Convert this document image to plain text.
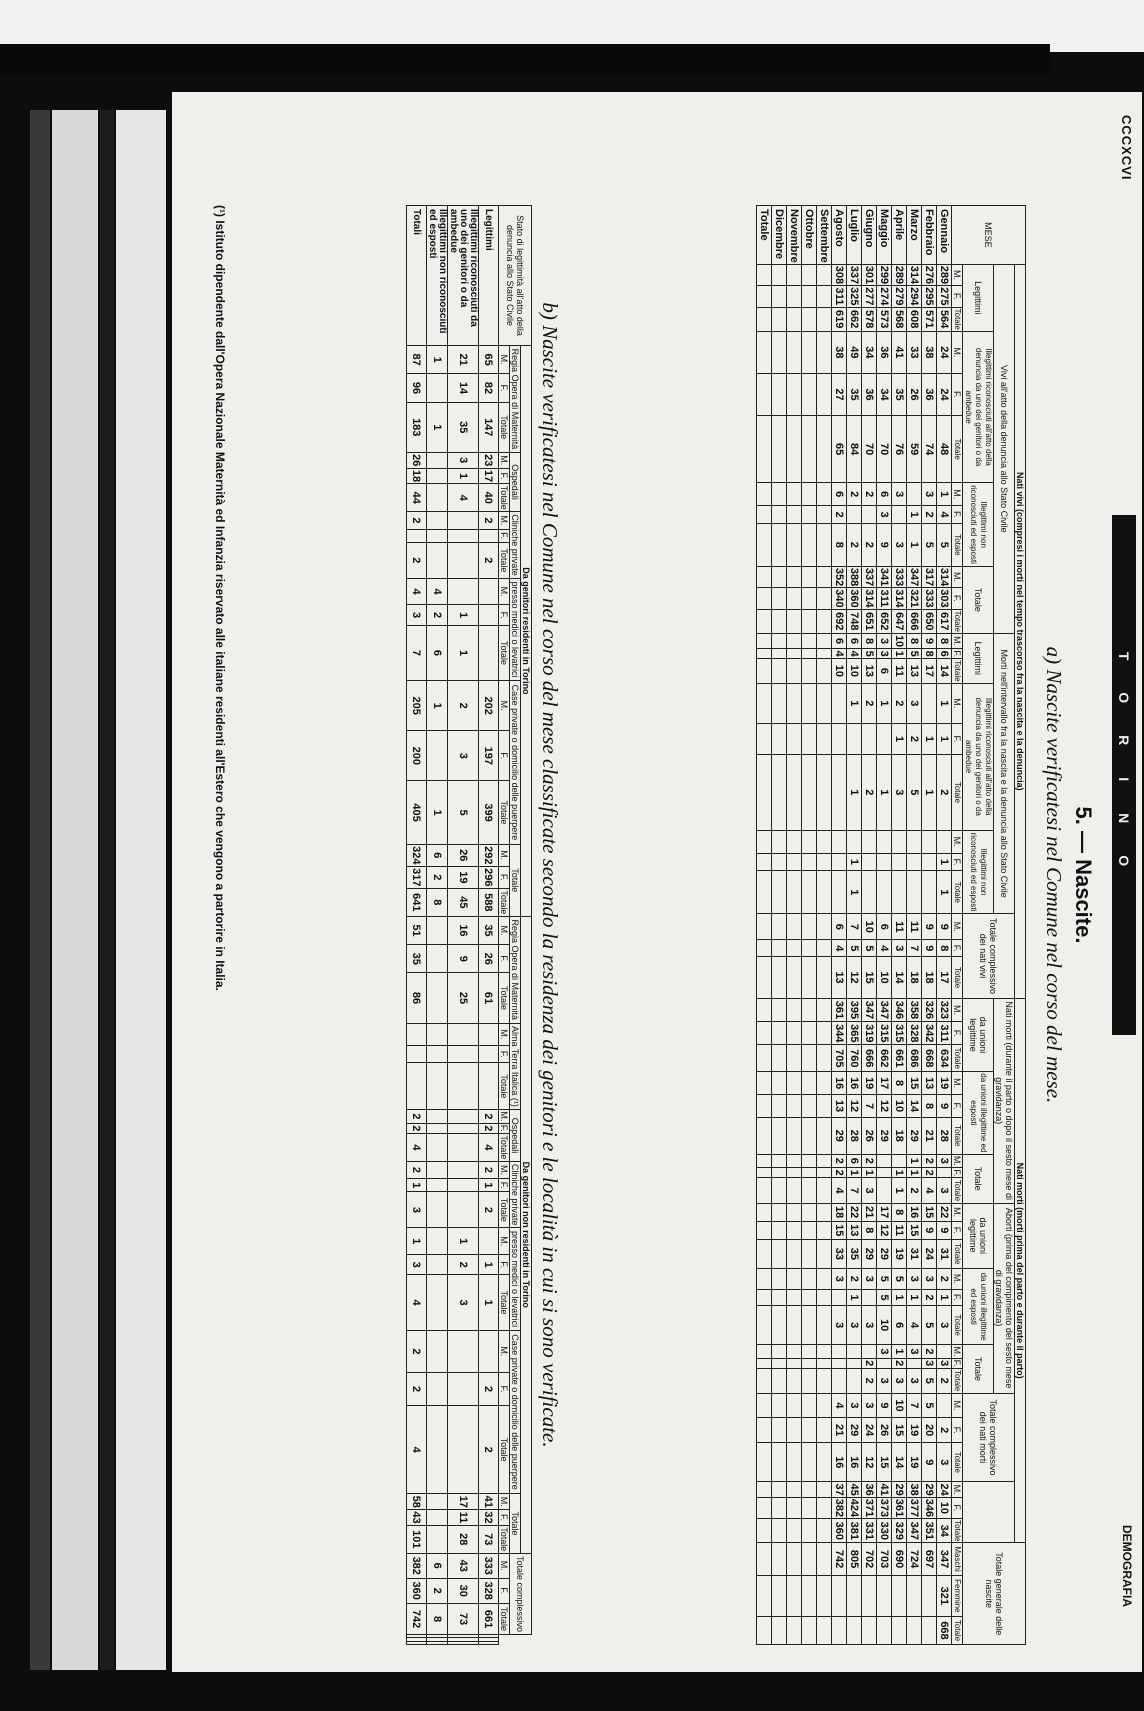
CCCXCVI
TORINO
DEMOGRAFIA
5. — Nascite.
a) Nascite verificatesi nel Comune nel corso del mese.
MESE	Nati vivi (compresi i morti nel tempo trascorso fra la nascita e la denuncia)																								Nati morti (morti prima del parto e durante il parto)																								Totale generale delle nascite		
	Vivi all'atto della denuncia allo Stato Civile												Morti nell'intervallo fra la nascita e la denuncia allo Stato Civile									Totale complessivo dei nati vivi			Nati morti (durante il parto o dopo il sesto mese di gravidanza)									Aborti (prima del compimento del sesto mese di gravidanza)									Totale complessivo dei nati morti								
	Legittimi			Illegittimi riconosciuti all'atto della denuncia da uno dei genitori o da ambedue			Illegittimi non riconosciuti ed esposti			Totale			Legittimi			Illegittimi riconosciuti all'atto della denuncia da uno dei genitori o da ambedue			Illegittimi non riconosciuti ed esposti						da unioni legittime			da unioni illegittime ed esposti			Totale			da unioni legittime			da unioni illegittime ed esposti			Totale											
	M.	F.	Totale	M.	F.	Totale	M.	F.	Totale	M.	F.	Totale	M.	F.	Totale	M.	F.	Totale	M.	F.	Totale	M.	F.	Totale	M.	F.	Totale	M.	F.	Totale	M.	F.	Totale	M.	F.	Totale	M.	F.	Totale	M.	F.	Totale	M.	F.	Totale	M.	F.	Totale	Maschi	Femmine	Totale
Gennaio	289	275	564	24	24	48	1	4	5	314	303	617	8	6	14	1	1	2		1	1	9	8	17	323	311	634	19	9	28	3		3	22	9	31	2	1	3		3	2		2	3	24	10	34	347	321	668
Febbraio	276	295	571	38	36	74	3	2	5	317	333	650	9	8	17		1	1				9	9	18	326	342	668	13	8	21	2	2	4	15	9	24	3	2	5	2	3	5	5	20	9	29	346	351	697		
Marzo	314	294	608	33	26	59		1	1	347	321	666	8	5	13	3	2	5				11	7	18	358	328	686	15	14	29	1	1	2	16	15	31	3	1	4	3		3	7	19	19	38	377	347	724		
Aprile	289	279	568	41	35	76	3		3	333	314	647	10	1	11	2	1	3				11	3	14	346	315	661	8	10	18		1	1	8	11	19	5	1	6	1	2	3	10	15	14	29	361	329	690		
Maggio	299	274	573	36	34	70	6	3	9	341	311	652	3	3	6	1		1				6	4	10	347	315	662	17	12	29				17	12	29	5	5	10	3		3	9	26	15	41	373	330	703		
Giugno	301	277	578	34	36	70	2		2	337	314	651	8	5	13	2		2				10	5	15	347	319	666	19	7	26	2	1	3	21	8	29	3		3		2	2	3	24	12	36	371	331	702		
Luglio	337	325	662	49	35	84	2		2	388	360	748	6	4	10	1		1		1	1	7	5	12	395	365	760	16	12	28	6	1	7	22	13	35	2	1	3				3	29	16	45	424	381	805		
Agosto	308	311	619	38	27	65	6	2	8	352	340	692	6	4	10							6	4	13	361	344	705	16	13	29	2	2	4	18	15	33	3		3				4	21	16	37	382	360	742		
Settembre																																																			
Ottobre																																																			
Novembre																																																			
Dicembre																																																			
Totale																																																			
b) Nascite verificatesi nel Comune nel corso del mese classificate secondo la residenza dei genitori e le località in cui si sono verificate.
Stato di legittimità all'atto della denuncia allo Stato Civile	Da genitori residenti in Torino																		Da genitori non residenti in Torino																					Totale complessivo					
	Regia Opera di Maternità			Ospedali			Cliniche private			presso medici o levatrici			Case private o domicilio delle puerpere			Totale			Regia Opera di Maternità			Alma Terra Italica (¹)			Ospedali			Cliniche private			presso medici o levatrici			Case private o domicilio delle puerpere			Totale								
	M.	F.	Totale	M.	F.	Totale	M.	F.	Totale	M.	F.	Totale	M.	F.	Totale	M.	F.	Totale	M.	F.	Totale	M.	F.	Totale	M.	F.	Totale	M.	F.	Totale	M.	F.	Totale	M.	F.	Totale	M.	F.	Totale	M.	F.	Totale			
Legittimi	65	82	147	23	17	40	2		2				202	197	399	292	296	588	35	26	61				2	2	4	2	1	2		1	1		2	2	41	32	73	333	328	661			
Illegittimi riconosciuti da uno dei genitori o da ambedue	21	14	35	3	1	4					1	1	2	3	5	26	19	45	16	9	25										1	2	3				17	11	28	43	30	73			
Illegittimi non riconosciuti ed esposti	1		1							4	2	6	1		1	6	2	8																						6	2	8			
Totali	87	96	183	26	18	44	2		2	4	3	7	205	200	405	324	317	641	51	35	86				2	2	4	2	1	3	1	3	4	2	2	4	58	43	101	382	360	742			
(¹) Istituto dipendente dall'Opera Nazionale Maternità ed Infanzia riservato alle italiane residenti all'Estero che vengono a partorire in Italia.
